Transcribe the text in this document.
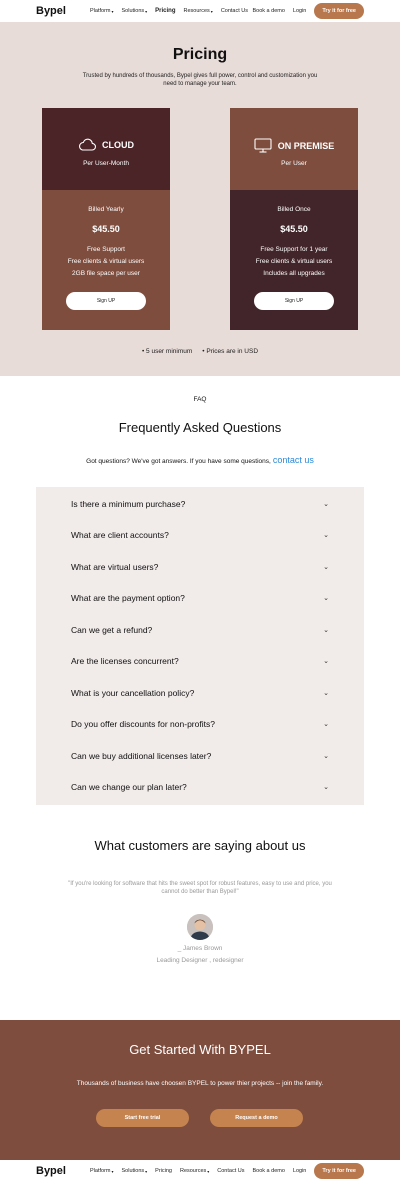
Bypel	Platform ▾ Solutions ▾ Pricing Resources ▾ Contact Us Book a demo Login	Try it for free
Pricing
Trusted by hundreds of thousands, Bypel gives full power, control and customization you need to manage your team.
CLOUD
Per User-Month
Billed Yearly
$45.50
Free Support
Free clients & virtual users
2GB file space per user
Sign UP
ON PREMISE
Per User
Billed Once
$45.50
Free Support for 1 year
Free clients & virtual users
Includes all upgrades
Sign UP
• 5 user minimum • Prices are in USD
FAQ
Frequently Asked Questions
Got questions? We've got answers. If you have some questions, contact us
Is there a minimum purchase?	⌄
What are client accounts?	⌄
What are virtual users?	⌄
What are the payment option?	⌄
Can we get a refund?	⌄
Are the licenses concurrent?	⌄
What is your cancellation policy?	⌄
Do you offer discounts for non-profits?	⌄
Can we buy additional licenses later?	⌄
Can we change our plan later?	⌄
What customers are saying about us
"If you're looking for software that hits the sweet spot for robust features, easy to use and price, you cannot do better than Bypel!"
_ James Brown
Leading Designer , redesigner
Get Started With BYPEL
Thousands of business have choosen BYPEL to power thier projects -- join the family.
Start free trial	Request a demo
Bypel	Platform ▾ Solutions ▾ Pricing Resources ▾ Contact Us Book a demo Login	Try it for free
